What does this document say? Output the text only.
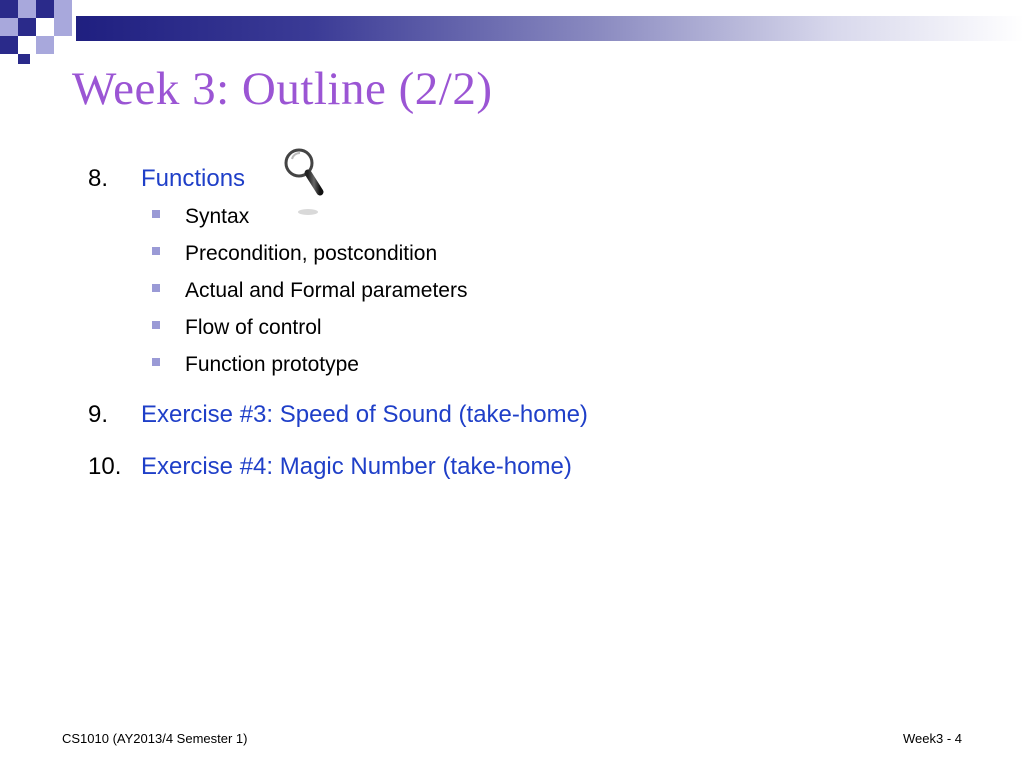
Week 3: Outline (2/2)
8. Functions
Syntax
Precondition, postcondition
Actual and Formal parameters
Flow of control
Function prototype
9. Exercise #3: Speed of Sound (take-home)
10. Exercise #4: Magic Number (take-home)
CS1010 (AY2013/4 Semester 1)	Week3 - 4
